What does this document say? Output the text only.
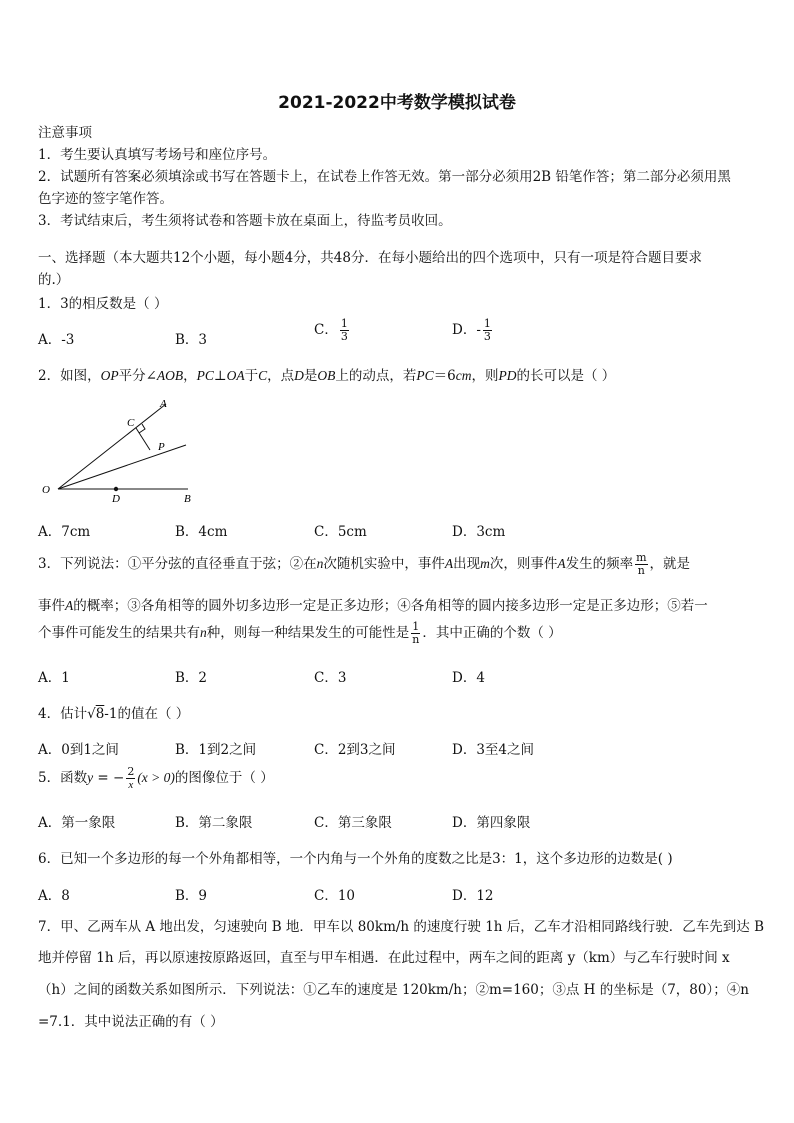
2021-2022中考数学模拟试卷
注意事项
1．考生要认真填写考场号和座位序号。
2．试题所有答案必须填涂或书写在答题卡上，在试卷上作答无效。第一部分必须用2B 铅笔作答；第二部分必须用黑
色字迹的签字笔作答。
3．考试结束后，考生须将试卷和答题卡放在桌面上，待监考员收回。
一、选择题（本大题共12个小题，每小题4分，共48分．在每小题给出的四个选项中，只有一项是符合题目要求
的.）
1．3的相反数是（ ）
A．-3	B．3
C． $\frac{1}{3}$	D．- $\frac{1}{3}$
2．如图，OP平分∠AOB，PC⊥OA于C，点D是OB上的动点，若PC＝6cm，则PD的长可以是（ ）
A
C
P
O
D	B
A．7cm	B．4cm	C．5cm	D．3cm
3．下列说法：①平分弦的直径垂直于弦；②在n次随机实验中，事件A出现m次，则事件A发生的频率 $\frac{m}{n}$ ，就是
事件A的概率；③各角相等的圆外切多边形一定是正多边形；④各角相等的圆内接多边形一定是正多边形；⑤若一
个事件可能发生的结果共有n种，则每一种结果发生的可能性是 $\frac{1}{n}$ ．其中正确的个数（ ）
A．1	B．2	C．3	D．4
4．估计√8-1的值在（ ）
A．0到1之间	B．1到2之间	C．2到3之间	D．3至4之间
5．函数y = − $\frac{2}{x} (x > 0)$的图像位于（ ）
A．第一象限	B．第二象限	C．第三象限	D．第四象限
6．已知一个多边形的每一个外角都相等，一个内角与一个外角的度数之比是3：1，这个多边形的边数是( )
A．8	B．9	C．10	D．12
7．甲、乙两车从 A 地出发，匀速驶向 B 地．甲车以 80km/h 的速度行驶 1h 后，乙车才沿相同路线行驶．乙车先到达 B
地并停留 1h 后，再以原速按原路返回，直至与甲车相遇．在此过程中，两车之间的距离 y（km）与乙车行驶时间 x
（h）之间的函数关系如图所示．下列说法：①乙车的速度是 120km/h；②m=160；③点 H 的坐标是（7，80）；④n
=7.1．其中说法正确的有（ ）
